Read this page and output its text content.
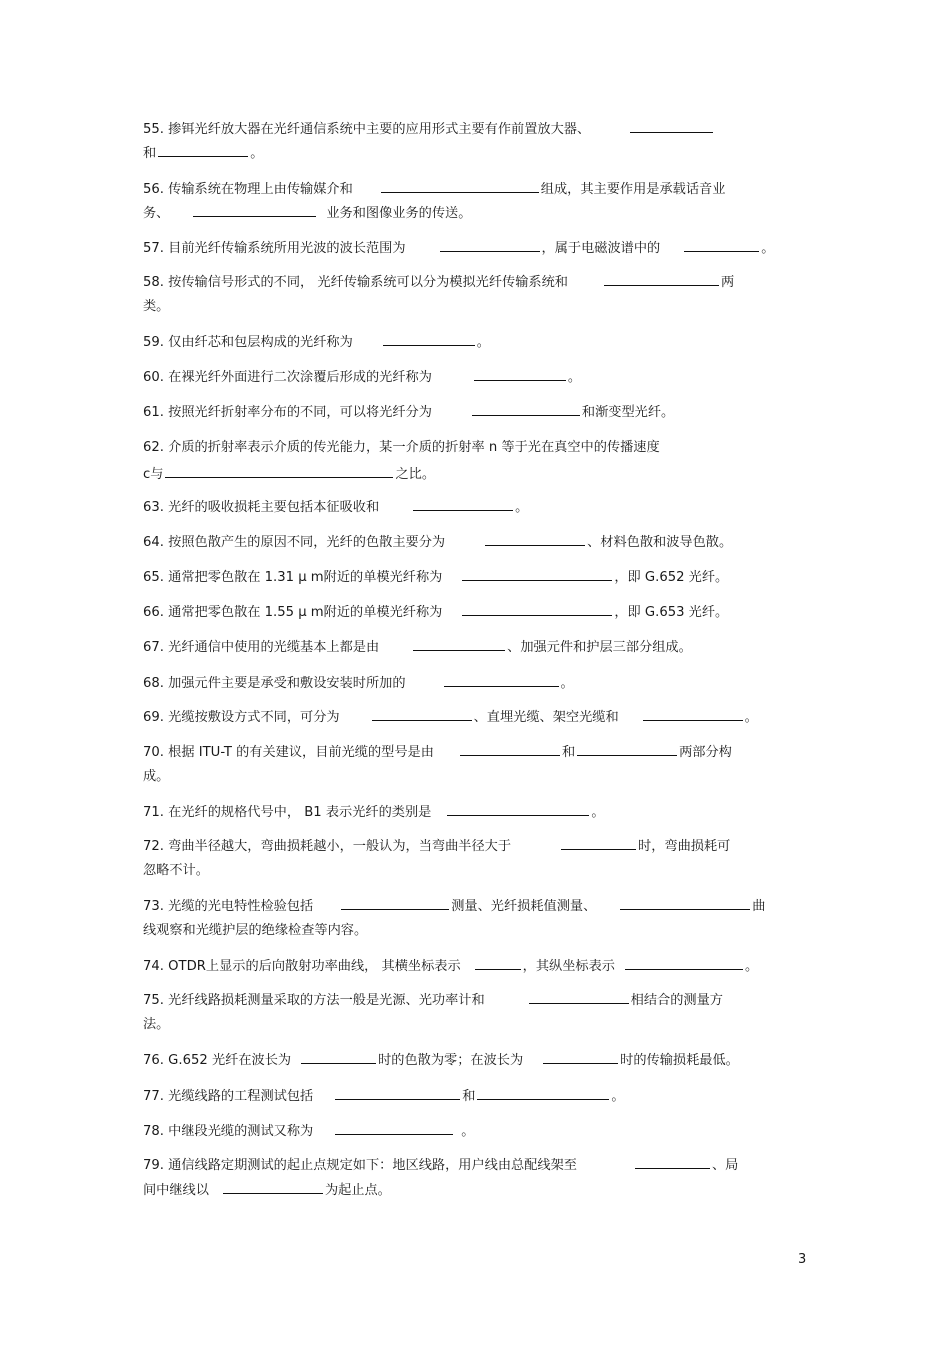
55. 掺铒光纤放大器在光纤通信系统中主要的应用形式主要有作前置放大器、
和	。
56. 传输系统在物理上由传输媒介和	组成，其主要作用是承载话音业
务、	业务和图像业务的传送。
57. 目前光纤传输系统所用光波的波长范围为	，属于电磁波谱中的	。
58. 按传输信号形式的不同， 光纤传输系统可以分为模拟光纤传输系统和	两
类。
59. 仅由纤芯和包层构成的光纤称为	。
60. 在裸光纤外面进行二次涂覆后形成的光纤称为	。
61. 按照光纤折射率分布的不同，可以将光纤分为	和渐变型光纤。
62. 介质的折射率表示介质的传光能力，某一介质的折射率 n 等于光在真空中的传播速度
c与	之比。
63. 光纤的吸收损耗主要包括本征吸收和	。
64. 按照色散产生的原因不同，光纤的色散主要分为	、材料色散和波导色散。
65. 通常把零色散在 1.31 μ m附近的单模光纤称为	，即 G.652 光纤。
66. 通常把零色散在 1.55 μ m附近的单模光纤称为	，即 G.653 光纤。
67. 光纤通信中使用的光缆基本上都是由	、加强元件和护层三部分组成。
68. 加强元件主要是承受和敷设安装时所加的	。
69. 光缆按敷设方式不同，可分为	、直埋光缆、架空光缆和	。
70. 根据 ITU-T 的有关建议，目前光缆的型号是由	和	两部分构
成。
71. 在光纤的规格代号中， B1 表示光纤的类别是	。
72. 弯曲半径越大，弯曲损耗越小，一般认为，当弯曲半径大于	时，弯曲损耗可
忽略不计。
73. 光缆的光电特性检验包括	测量、光纤损耗值测量、	曲
线观察和光缆护层的绝缘检查等内容。
74. OTDR上显示的后向散射功率曲线， 其横坐标表示	，其纵坐标表示	。
75. 光纤线路损耗测量采取的方法一般是光源、光功率计和	相结合的测量方
法。
76. G.652 光纤在波长为	时的色散为零；在波长为	时的传输损耗最低。
77. 光缆线路的工程测试包括	和	。
78. 中继段光缆的测试又称为	。
79. 通信线路定期测试的起止点规定如下：地区线路，用户线由总配线架至	、局
间中继线以	为起止点。
3
